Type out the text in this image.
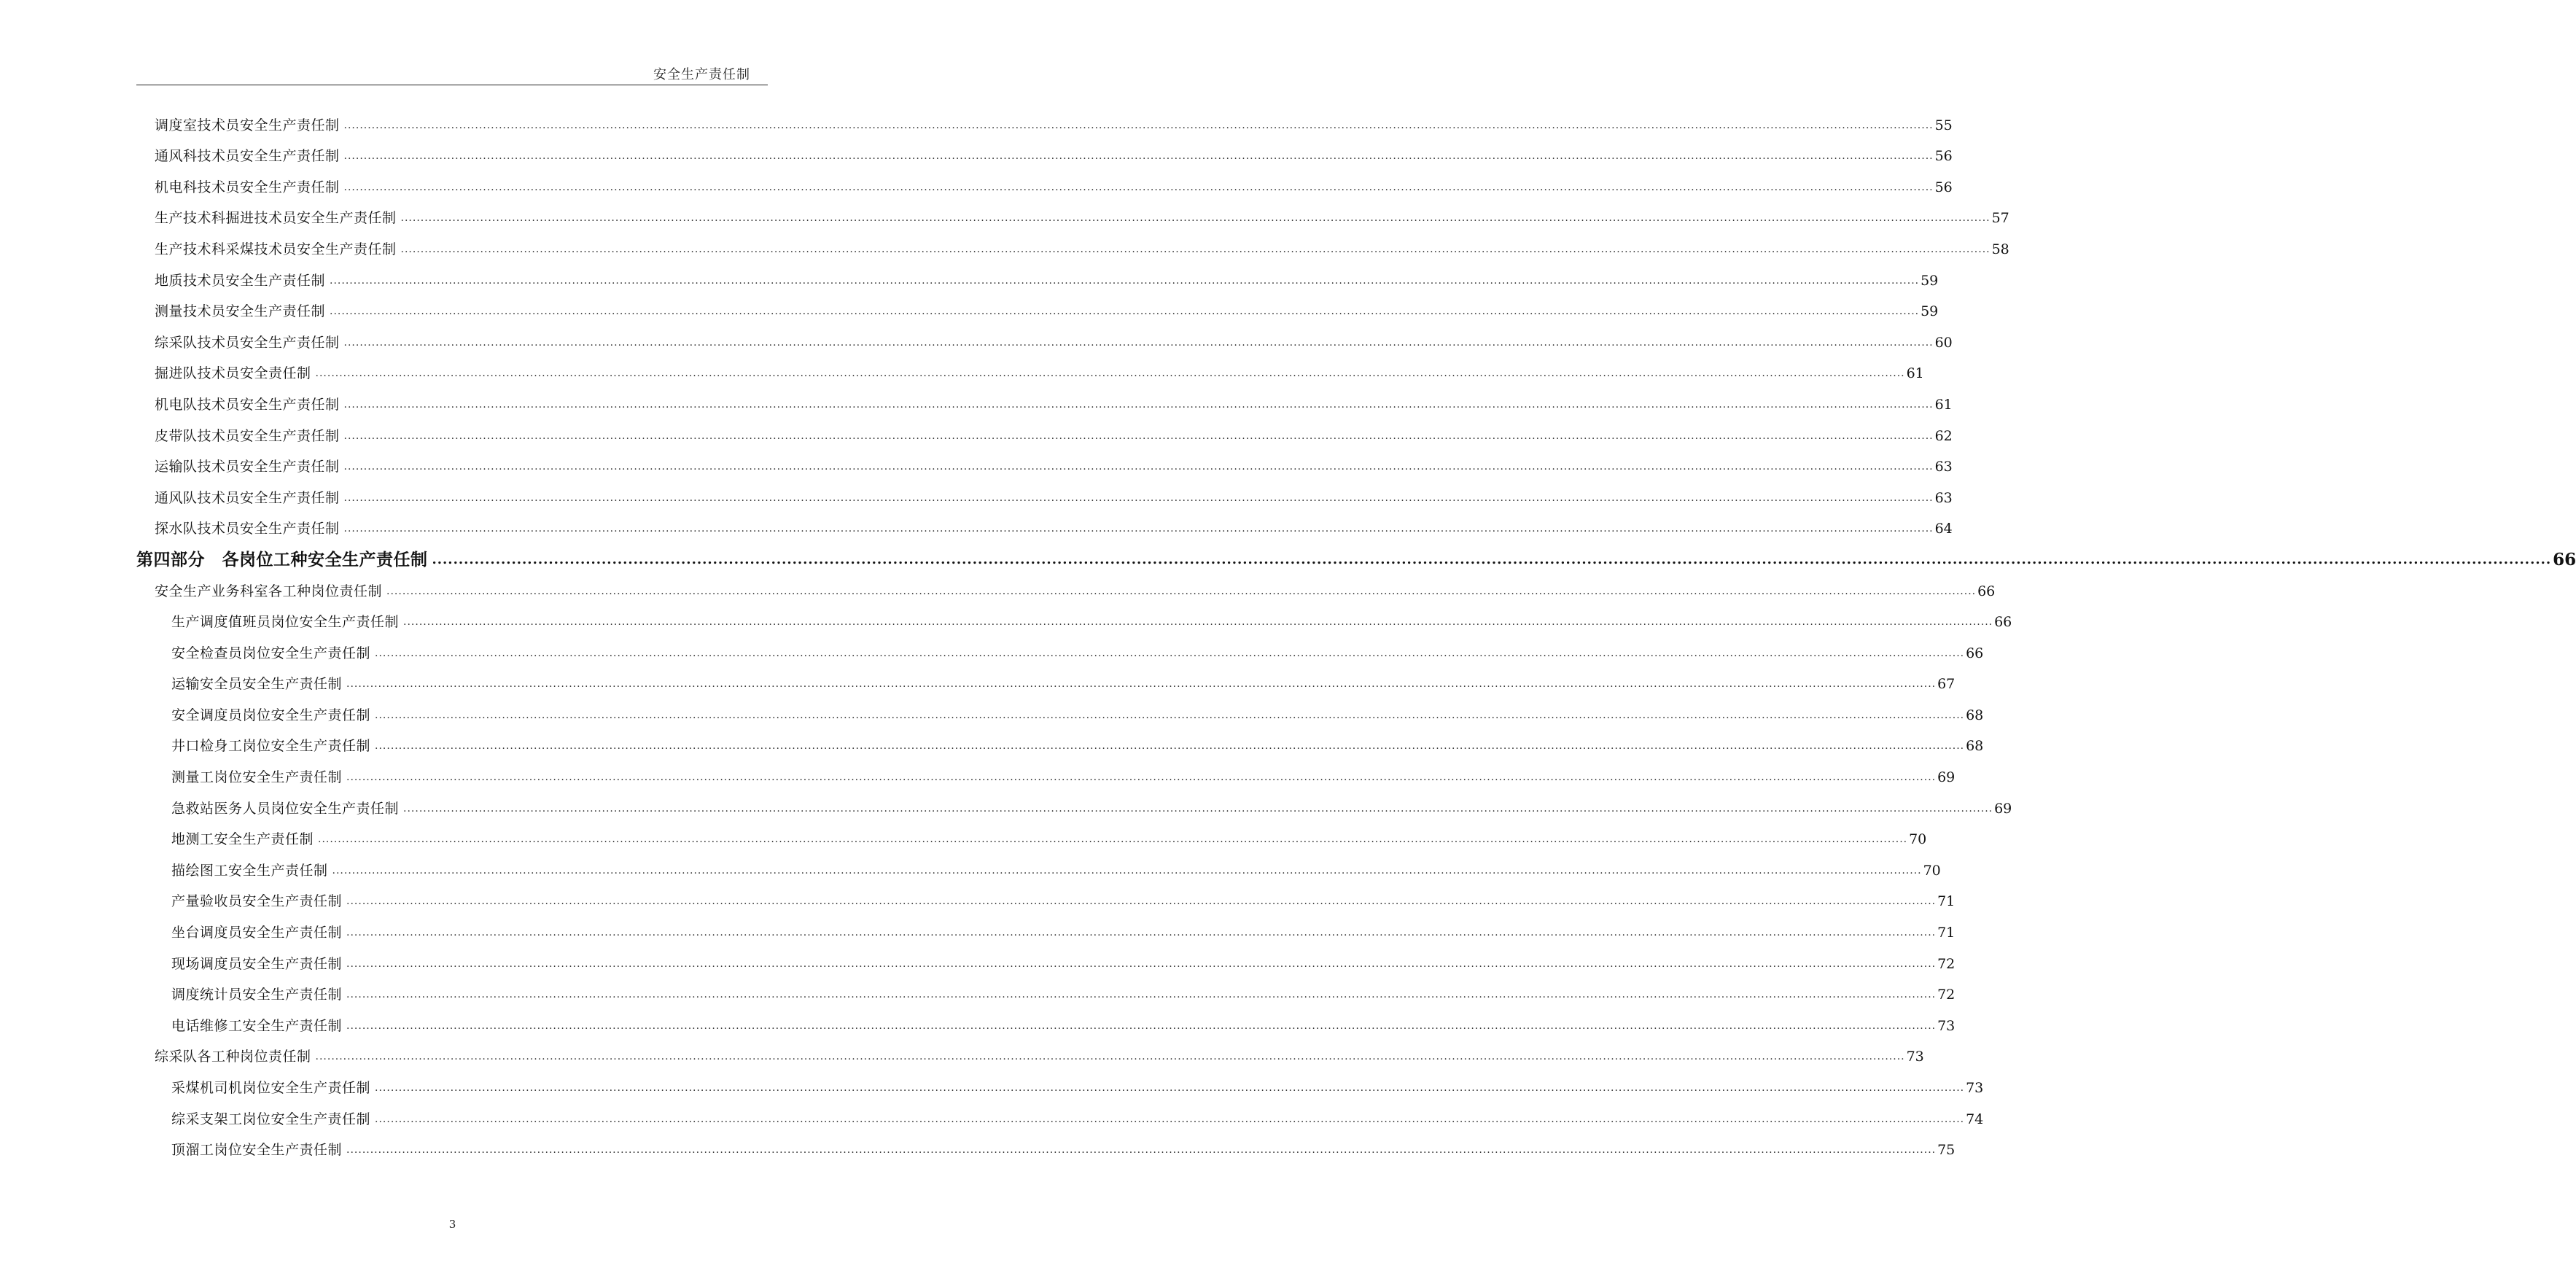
安全生产责任制
调度室技术员安全生产责任制 ................................................................................................................................................................................................................................................................................................................................................................................................................ 55
通风科技术员安全生产责任制 ................................................................................................................................................................................................................................................................................................................................................................................................................ 56
机电科技术员安全生产责任制 ................................................................................................................................................................................................................................................................................................................................................................................................................ 56
生产技术科掘进技术员安全生产责任制 ................................................................................................................................................................................................................................................................................................................................................................................................................ 57
生产技术科采煤技术员安全生产责任制 ................................................................................................................................................................................................................................................................................................................................................................................................................ 58
地质技术员安全生产责任制 ................................................................................................................................................................................................................................................................................................................................................................................................................ 59
测量技术员安全生产责任制 ................................................................................................................................................................................................................................................................................................................................................................................................................ 59
综采队技术员安全生产责任制 ................................................................................................................................................................................................................................................................................................................................................................................................................ 60
掘进队技术员安全责任制 ................................................................................................................................................................................................................................................................................................................................................................................................................ 61
机电队技术员安全生产责任制 ................................................................................................................................................................................................................................................................................................................................................................................................................ 61
皮带队技术员安全生产责任制 ................................................................................................................................................................................................................................................................................................................................................................................................................ 62
运输队技术员安全生产责任制 ................................................................................................................................................................................................................................................................................................................................................................................................................ 63
通风队技术员安全生产责任制 ................................................................................................................................................................................................................................................................................................................................................................................................................ 63
探水队技术员安全生产责任制 ................................................................................................................................................................................................................................................................................................................................................................................................................ 64
第四部分　各岗位工种安全生产责任制 ................................................................................................................................................................................................................................................................................................................................................................................................................ 66
安全生产业务科室各工种岗位责任制 ................................................................................................................................................................................................................................................................................................................................................................................................................ 66
生产调度值班员岗位安全生产责任制 ................................................................................................................................................................................................................................................................................................................................................................................................................ 66
安全检查员岗位安全生产责任制 ................................................................................................................................................................................................................................................................................................................................................................................................................ 66
运输安全员安全生产责任制 ................................................................................................................................................................................................................................................................................................................................................................................................................ 67
安全调度员岗位安全生产责任制 ................................................................................................................................................................................................................................................................................................................................................................................................................ 68
井口检身工岗位安全生产责任制 ................................................................................................................................................................................................................................................................................................................................................................................................................ 68
测量工岗位安全生产责任制 ................................................................................................................................................................................................................................................................................................................................................................................................................ 69
急救站医务人员岗位安全生产责任制 ................................................................................................................................................................................................................................................................................................................................................................................................................ 69
地测工安全生产责任制 ................................................................................................................................................................................................................................................................................................................................................................................................................ 70
描绘图工安全生产责任制 ................................................................................................................................................................................................................................................................................................................................................................................................................ 70
产量验收员安全生产责任制 ................................................................................................................................................................................................................................................................................................................................................................................................................ 71
坐台调度员安全生产责任制 ................................................................................................................................................................................................................................................................................................................................................................................................................ 71
现场调度员安全生产责任制 ................................................................................................................................................................................................................................................................................................................................................................................................................ 72
调度统计员安全生产责任制 ................................................................................................................................................................................................................................................................................................................................................................................................................ 72
电话维修工安全生产责任制 ................................................................................................................................................................................................................................................................................................................................................................................................................ 73
综采队各工种岗位责任制 ................................................................................................................................................................................................................................................................................................................................................................................................................ 73
采煤机司机岗位安全生产责任制 ................................................................................................................................................................................................................................................................................................................................................................................................................ 73
综采支架工岗位安全生产责任制 ................................................................................................................................................................................................................................................................................................................................................................................................................ 74
顶溜工岗位安全生产责任制 ................................................................................................................................................................................................................................................................................................................................................................................................................ 75
3
